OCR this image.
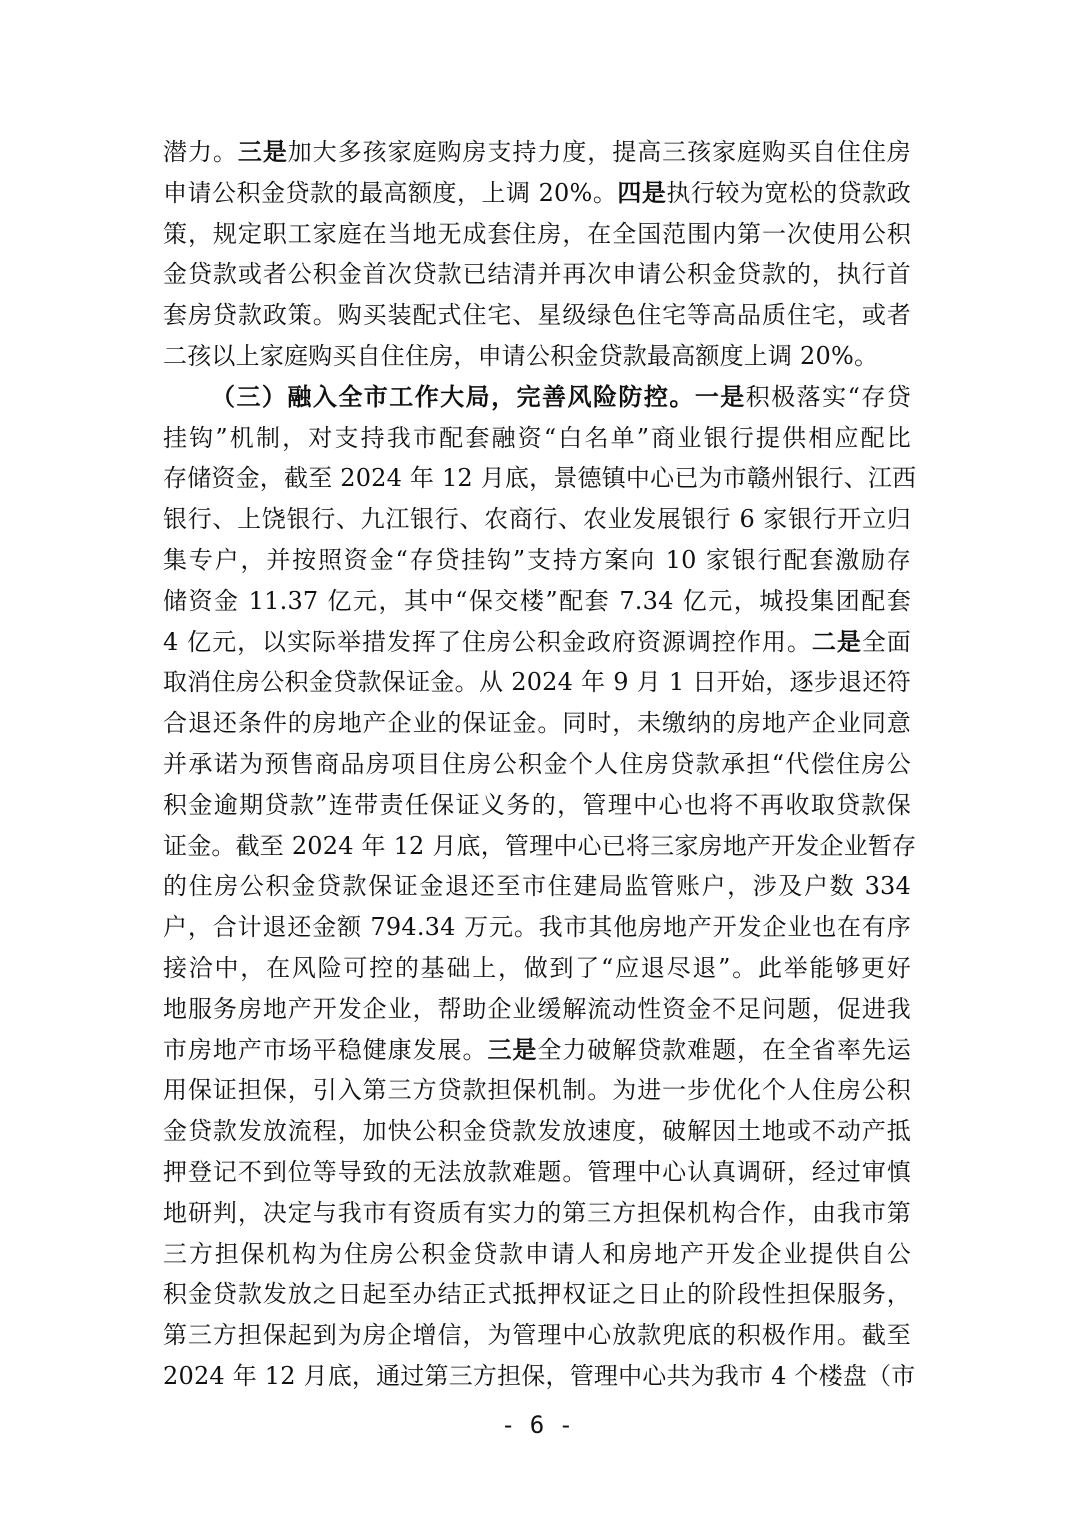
潜力。三是加大多孩家庭购房支持力度，提高三孩家庭购买自住住房
申请公积金贷款的最高额度，上调 20%。四是执行较为宽松的贷款政
策，规定职工家庭在当地无成套住房，在全国范围内第一次使用公积
金贷款或者公积金首次贷款已结清并再次申请公积金贷款的，执行首
套房贷款政策。购买装配式住宅、星级绿色住宅等高品质住宅，或者
二孩以上家庭购买自住住房，申请公积金贷款最高额度上调 20%。
（三）融入全市工作大局，完善风险防控。一是积极落实“存贷
挂钩”机制，对支持我市配套融资“白名单”商业银行提供相应配比
存储资金，截至 2024 年 12 月底，景德镇中心已为市赣州银行、江西
银行、上饶银行、九江银行、农商行、农业发展银行 6 家银行开立归
集专户，并按照资金“存贷挂钩”支持方案向 10 家银行配套激励存
储资金 11.37 亿元，其中“保交楼”配套 7.34 亿元，城投集团配套
4 亿元，以实际举措发挥了住房公积金政府资源调控作用。二是全面
取消住房公积金贷款保证金。从 2024 年 9 月 1 日开始，逐步退还符
合退还条件的房地产企业的保证金。同时，未缴纳的房地产企业同意
并承诺为预售商品房项目住房公积金个人住房贷款承担“代偿住房公
积金逾期贷款”连带责任保证义务的，管理中心也将不再收取贷款保
证金。截至 2024 年 12 月底，管理中心已将三家房地产开发企业暂存
的住房公积金贷款保证金退还至市住建局监管账户，涉及户数 334
户，合计退还金额 794.34 万元。我市其他房地产开发企业也在有序
接洽中，在风险可控的基础上，做到了“应退尽退”。此举能够更好
地服务房地产开发企业，帮助企业缓解流动性资金不足问题，促进我
市房地产市场平稳健康发展。三是全力破解贷款难题，在全省率先运
用保证担保，引入第三方贷款担保机制。为进一步优化个人住房公积
金贷款发放流程，加快公积金贷款发放速度，破解因土地或不动产抵
押登记不到位等导致的无法放款难题。管理中心认真调研，经过审慎
地研判，决定与我市有资质有实力的第三方担保机构合作，由我市第
三方担保机构为住房公积金贷款申请人和房地产开发企业提供自公
积金贷款发放之日起至办结正式抵押权证之日止的阶段性担保服务，
第三方担保起到为房企增信，为管理中心放款兜底的积极作用。截至
2024 年 12 月底，通过第三方担保，管理中心共为我市 4 个楼盘（市
- 6 -
